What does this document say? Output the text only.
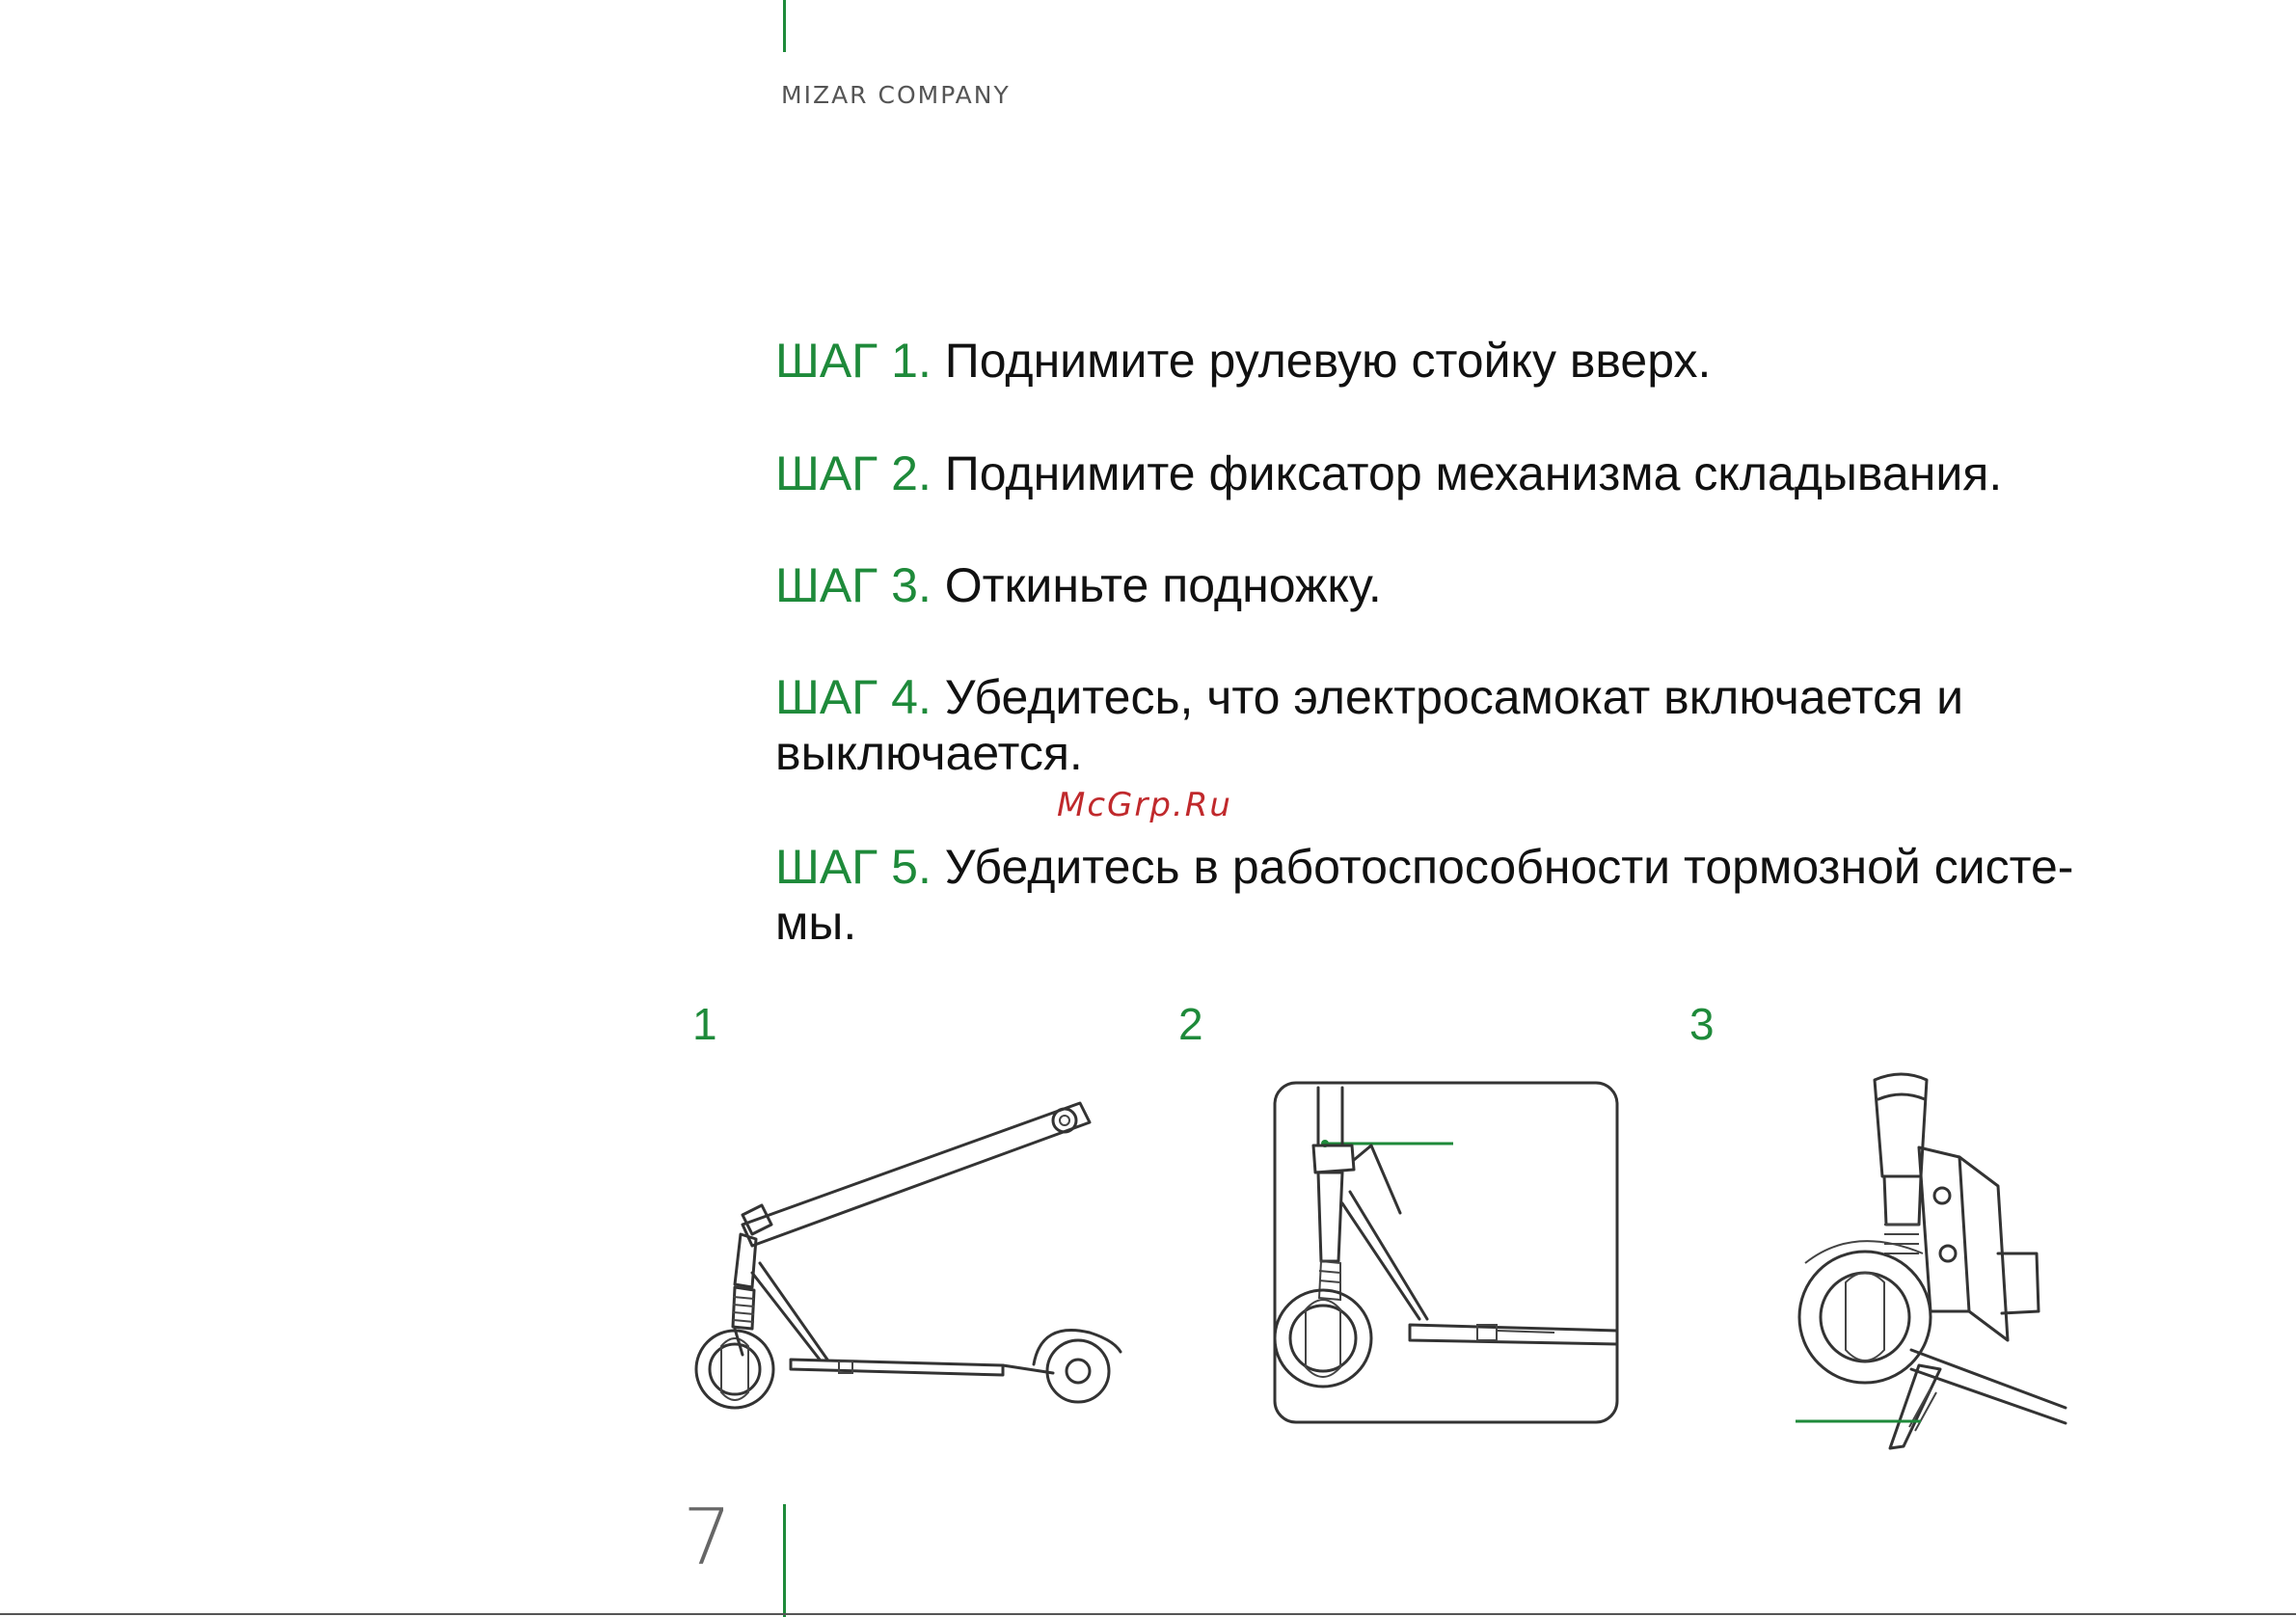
MIZAR COMPANY
ШАГ 1. Поднимите рулевую стойку вверх.
ШАГ 2. Поднимите фиксатор механизма складывания.
ШАГ 3. Откиньте подножку.
ШАГ 4. Убедитесь, что электросамокат включается и выключается.
ШАГ 5. Убедитесь в работоспособности тормозной систе-мы.
McGrp.Ru
1	2	3
7
